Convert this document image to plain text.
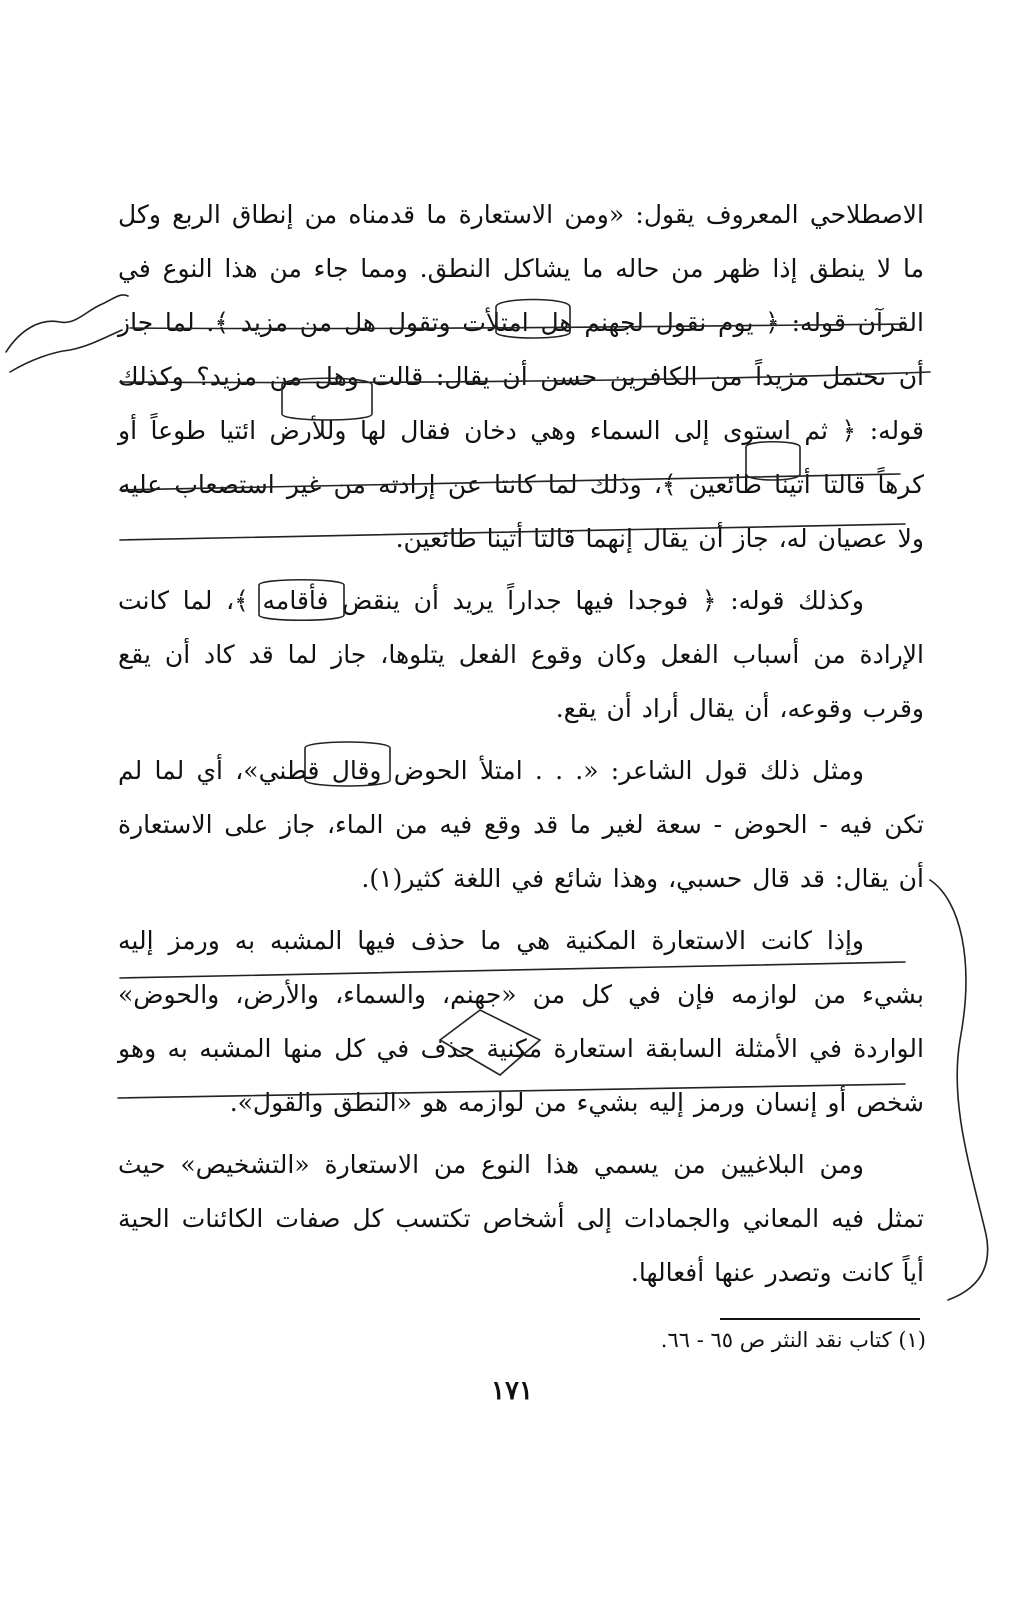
الاصطلاحي المعروف يقول: «ومن الاستعارة ما قدمناه من إنطاق الربع وكل ما لا ينطق إذا ظهر من حاله ما يشاكل النطق. ومما جاء من هذا النوع في القرآن قوله: ﴿ يوم نقول لجهنم هل امتلأت وتقول هل من مزيد ﴾. لما جاز أن تحتمل مزيداً من الكافرين حسن أن يقال: قالت وهل من مزيد؟ وكذلك قوله: ﴿ ثم استوى إلى السماء وهي دخان فقال لها وللأرض ائتيا طوعاً أو كرهاً قالتا أتينا طائعين ﴾، وذلك لما كانتا عن إرادته من غير استصعاب عليه ولا عصيان له، جاز أن يقال إنهما قالتا أتينا طائعين.

وكذلك قوله: ﴿ فوجدا فيها جداراً يريد أن ينقض فأقامه ﴾، لما كانت الإرادة من أسباب الفعل وكان وقوع الفعل يتلوها، جاز لما قد كاد أن يقع وقرب وقوعه، أن يقال أراد أن يقع.

ومثل ذلك قول الشاعر: «. . . امتلأ الحوض وقال قطني»، أي لما لم تكن فيه - الحوض - سعة لغير ما قد وقع فيه من الماء، جاز على الاستعارة أن يقال: قد قال حسبي، وهذا شائع في اللغة كثير(١).

وإذا كانت الاستعارة المكنية هي ما حذف فيها المشبه به ورمز إليه بشيء من لوازمه فإن في كل من «جهنم، والسماء، والأرض، والحوض» الواردة في الأمثلة السابقة استعارة مكنية حذف في كل منها المشبه به وهو شخص أو إنسان ورمز إليه بشيء من لوازمه هو «النطق والقول».

ومن البلاغيين من يسمي هذا النوع من الاستعارة «التشخيص» حيث تمثل فيه المعاني والجمادات إلى أشخاص تكتسب كل صفات الكائنات الحية أياً كانت وتصدر عنها أفعالها.

(١) كتاب نقد النثر ص ٦٥ - ٦٦.
١٧١
